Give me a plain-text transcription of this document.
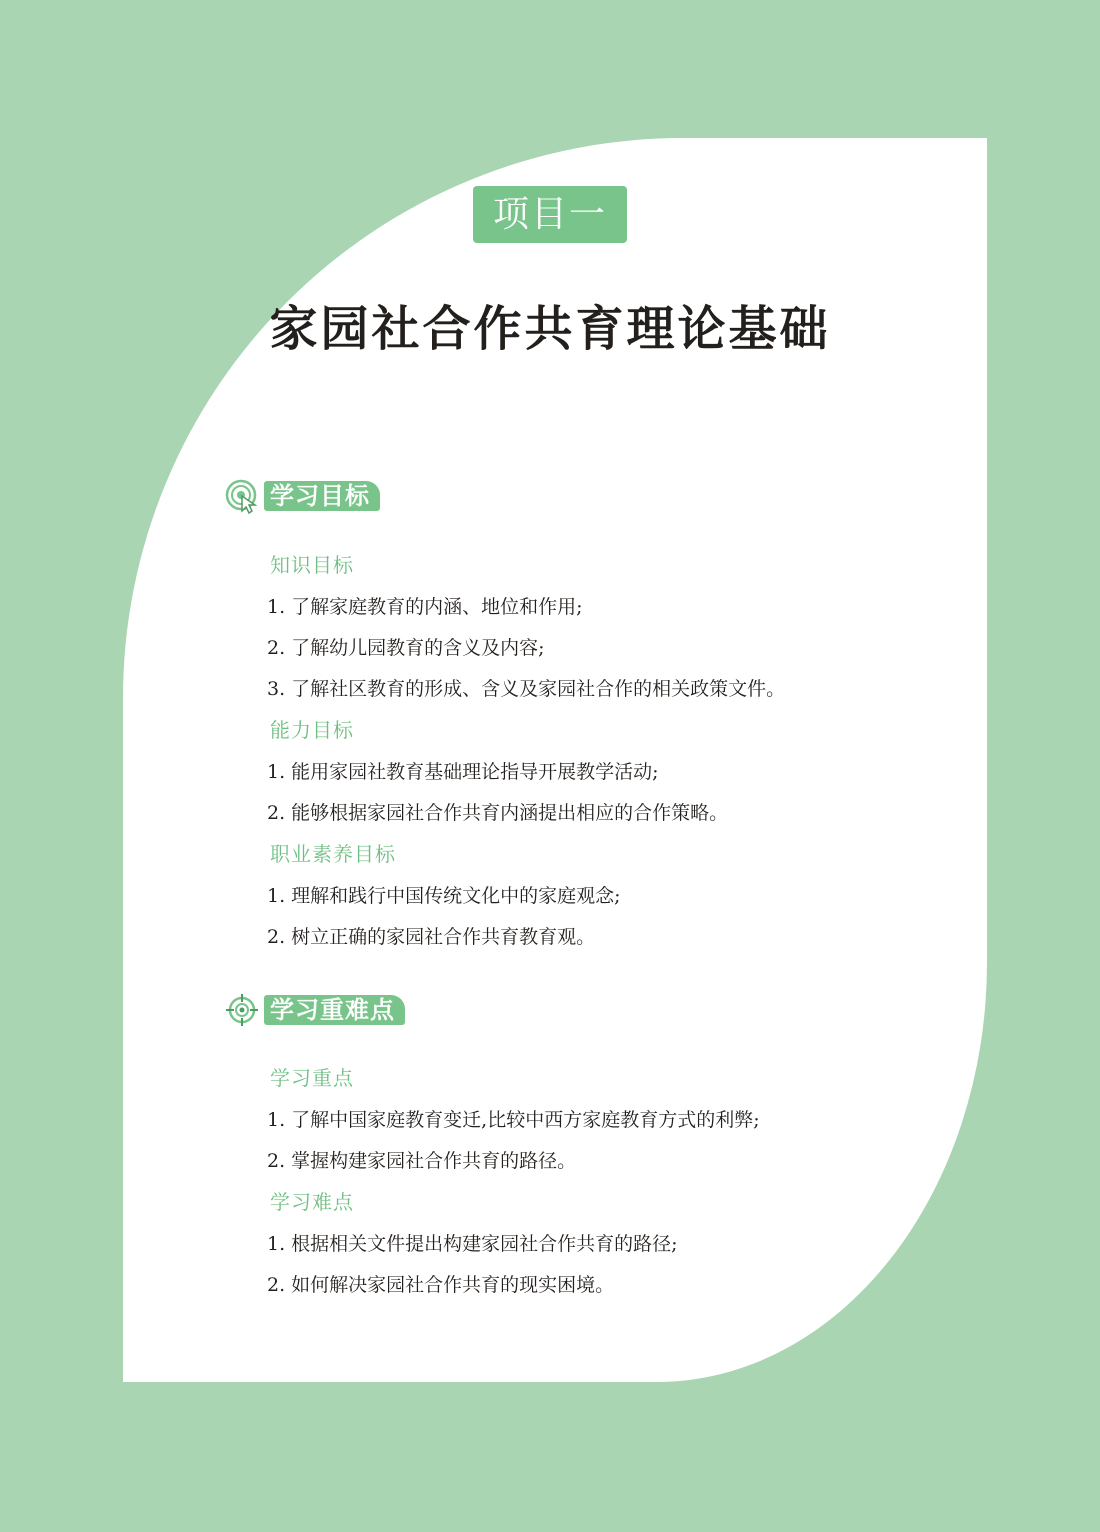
项目一
家园社合作共育理论基础
学习目标
知识目标
1. 了解家庭教育的内涵、地位和作用;
2. 了解幼儿园教育的含义及内容;
3. 了解社区教育的形成、含义及家园社合作的相关政策文件。
能力目标
1. 能用家园社教育基础理论指导开展教学活动;
2. 能够根据家园社合作共育内涵提出相应的合作策略。
职业素养目标
1. 理解和践行中国传统文化中的家庭观念;
2. 树立正确的家园社合作共育教育观。
学习重难点
学习重点
1. 了解中国家庭教育变迁,比较中西方家庭教育方式的利弊;
2. 掌握构建家园社合作共育的路径。
学习难点
1. 根据相关文件提出构建家园社合作共育的路径;
2. 如何解决家园社合作共育的现实困境。
